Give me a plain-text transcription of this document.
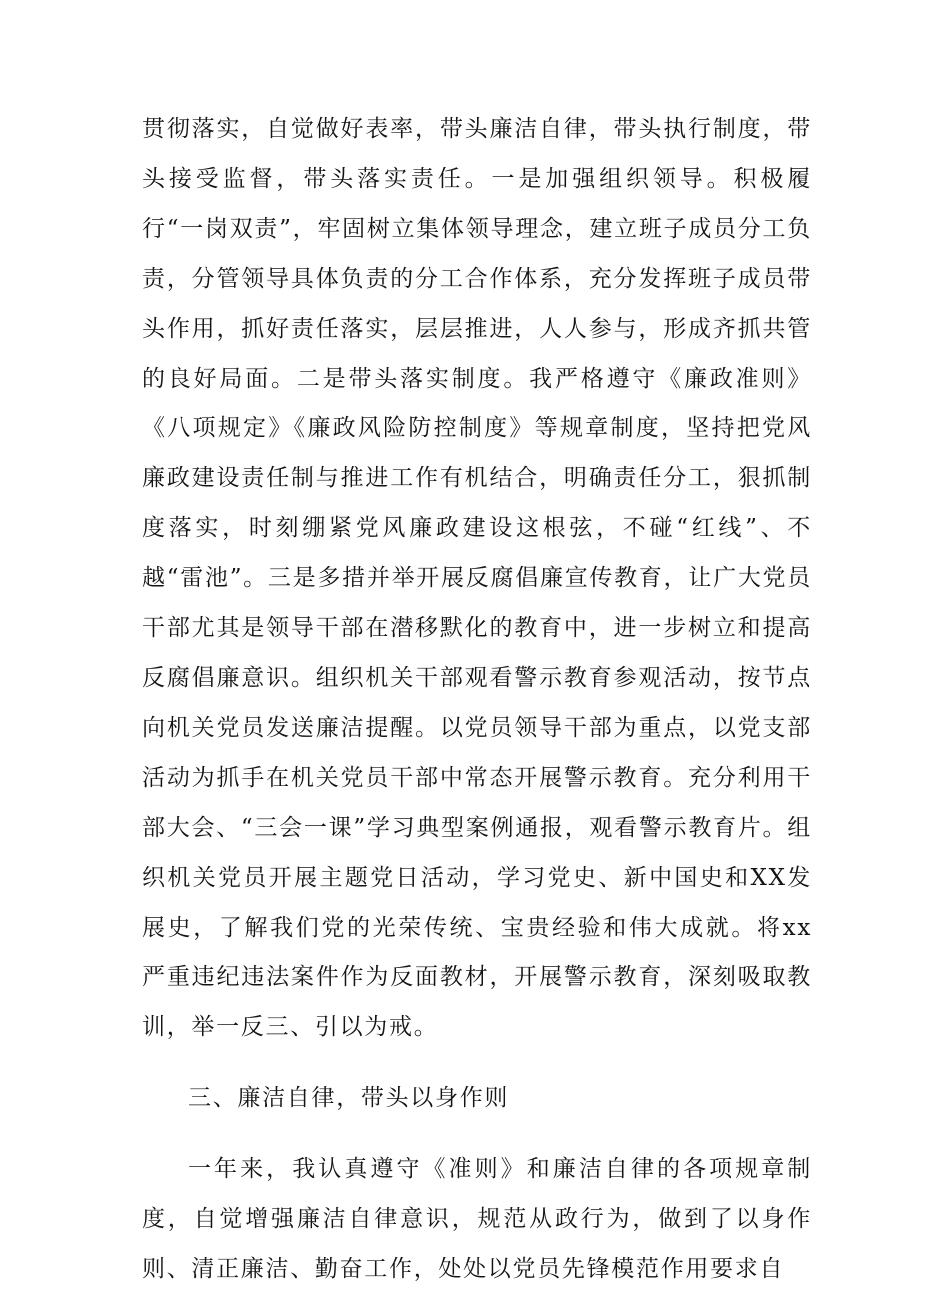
贯彻落实，自觉做好表率，带头廉洁自律，带头执行制度，带头接受监督，带头落实责任。一是加强组织领导。积极履行“一岗双责”，牢固树立集体领导理念，建立班子成员分工负责，分管领导具体负责的分工合作体系，充分发挥班子成员带头作用，抓好责任落实，层层推进，人人参与，形成齐抓共管的良好局面。二是带头落实制度。我严格遵守《廉政准则》《八项规定》《廉政风险防控制度》等规章制度，坚持把党风廉政建设责任制与推进工作有机结合，明确责任分工，狠抓制度落实，时刻绷紧党风廉政建设这根弦，不碰“红线”、不越“雷池”。三是多措并举开展反腐倡廉宣传教育，让广大党员干部尤其是领导干部在潜移默化的教育中，进一步树立和提高反腐倡廉意识。组织机关干部观看警示教育参观活动，按节点向机关党员发送廉洁提醒。以党员领导干部为重点，以党支部活动为抓手在机关党员干部中常态开展警示教育。充分利用干部大会、“三会一课”学习典型案例通报，观看警示教育片。组织机关党员开展主题党日活动，学习党史、新中国史和XX发展史，了解我们党的光荣传统、宝贵经验和伟大成就。将xx严重违纪违法案件作为反面教材，开展警示教育，深刻吸取教训，举一反三、引以为戒。

三、廉洁自律，带头以身作则

一年来，我认真遵守《准则》和廉洁自律的各项规章制度，自觉增强廉洁自律意识，规范从政行为，做到了以身作则、清正廉洁、勤奋工作，处处以党员先锋模范作用要求自
